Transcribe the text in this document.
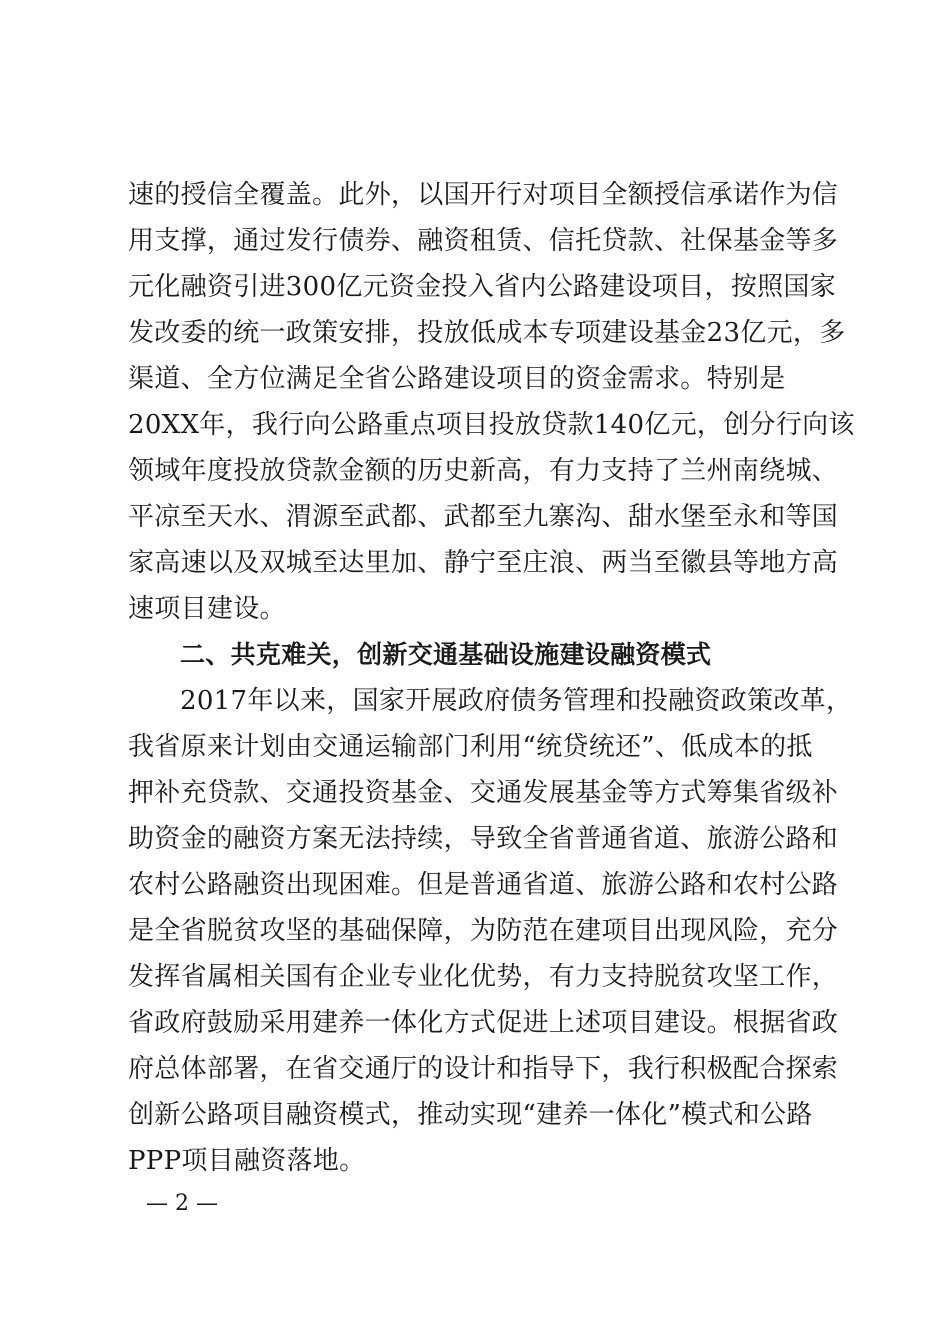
速的授信全覆盖。此外，以国开行对项目全额授信承诺作为信
用支撑，通过发行债券、融资租赁、信托贷款、社保基金等多
元化融资引进300亿元资金投入省内公路建设项目，按照国家
发改委的统一政策安排，投放低成本专项建设基金23亿元，多
渠道、全方位满足全省公路建设项目的资金需求。特别是
20XX年，我行向公路重点项目投放贷款140亿元，创分行向该
领域年度投放贷款金额的历史新高，有力支持了兰州南绕城、
平凉至天水、渭源至武都、武都至九寨沟、甜水堡至永和等国
家高速以及双城至达里加、静宁至庄浪、两当至徽县等地方高
速项目建设。
二、共克难关，创新交通基础设施建设融资模式
2017年以来，国家开展政府债务管理和投融资政策改革，
我省原来计划由交通运输部门利用“统贷统还”、低成本的抵
押补充贷款、交通投资基金、交通发展基金等方式筹集省级补
助资金的融资方案无法持续，导致全省普通省道、旅游公路和
农村公路融资出现困难。但是普通省道、旅游公路和农村公路
是全省脱贫攻坚的基础保障，为防范在建项目出现风险，充分
发挥省属相关国有企业专业化优势，有力支持脱贫攻坚工作，
省政府鼓励采用建养一体化方式促进上述项目建设。根据省政
府总体部署，在省交通厅的设计和指导下，我行积极配合探索
创新公路项目融资模式，推动实现“建养一体化”模式和公路
PPP项目融资落地。
— 2 —
